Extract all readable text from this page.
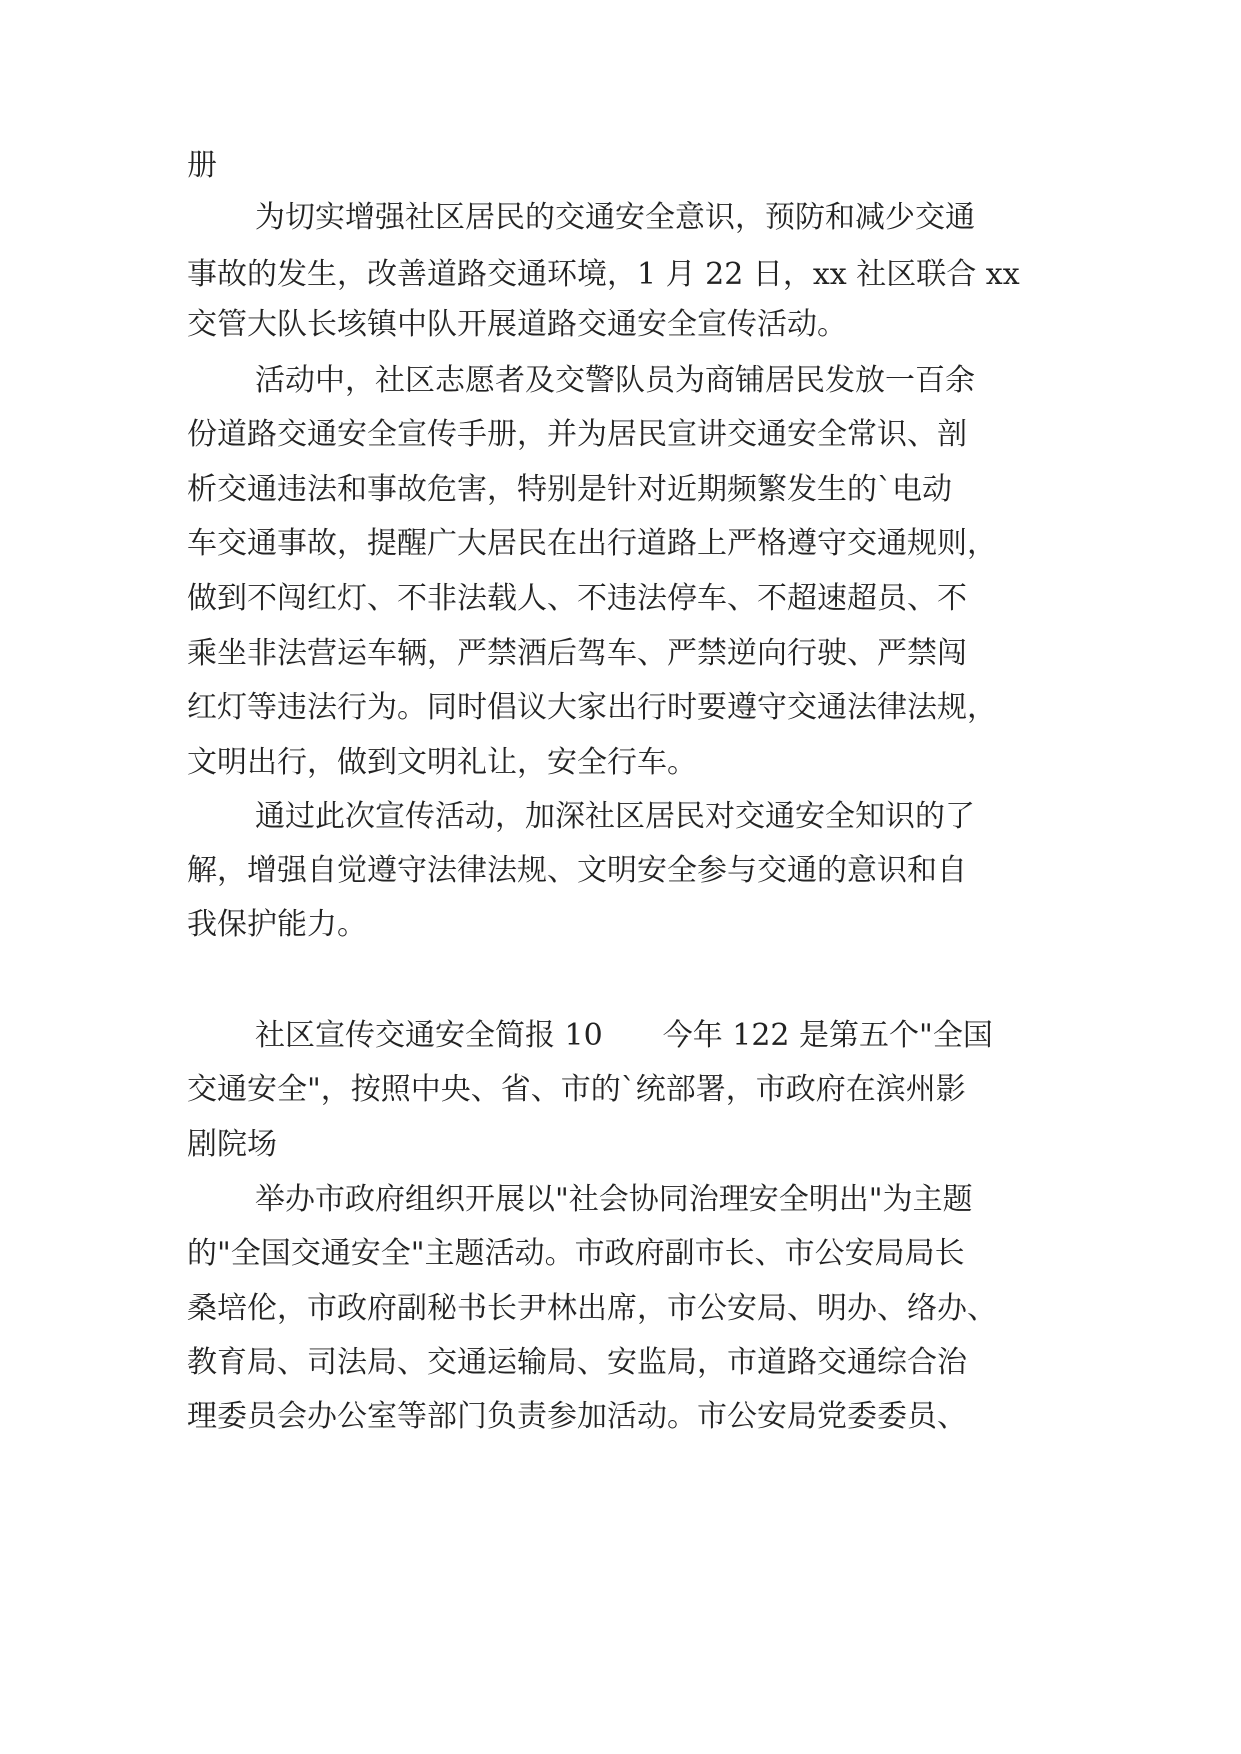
册

为切实增强社区居民的交通安全意识，预防和减少交通

事故的发生，改善道路交通环境，1 月 22 日，xx 社区联合 xx

交管大队长垓镇中队开展道路交通安全宣传活动。

活动中，社区志愿者及交警队员为商铺居民发放一百余

份道路交通安全宣传手册，并为居民宣讲交通安全常识、剖

析交通违法和事故危害，特别是针对近期频繁发生的`电动

车交通事故，提醒广大居民在出行道路上严格遵守交通规则，

做到不闯红灯、不非法载人、不违法停车、不超速超员、不

乘坐非法营运车辆，严禁酒后驾车、严禁逆向行驶、严禁闯

红灯等违法行为。同时倡议大家出行时要遵守交通法律法规，

文明出行，做到文明礼让，安全行车。

通过此次宣传活动，加深社区居民对交通安全知识的了

解，增强自觉遵守法律法规、文明安全参与交通的意识和自

我保护能力。

社区宣传交通安全简报 10　　今年 122 是第五个"全国

交通安全"，按照中央、省、市的`统部署，市政府在滨州影

剧院场

举办市政府组织开展以"社会协同治理安全明出"为主题

的"全国交通安全"主题活动。市政府副市长、市公安局局长

桑培伦，市政府副秘书长尹林出席，市公安局、明办、络办、

教育局、司法局、交通运输局、安监局，市道路交通综合治

理委员会办公室等部门负责参加活动。市公安局党委委员、
